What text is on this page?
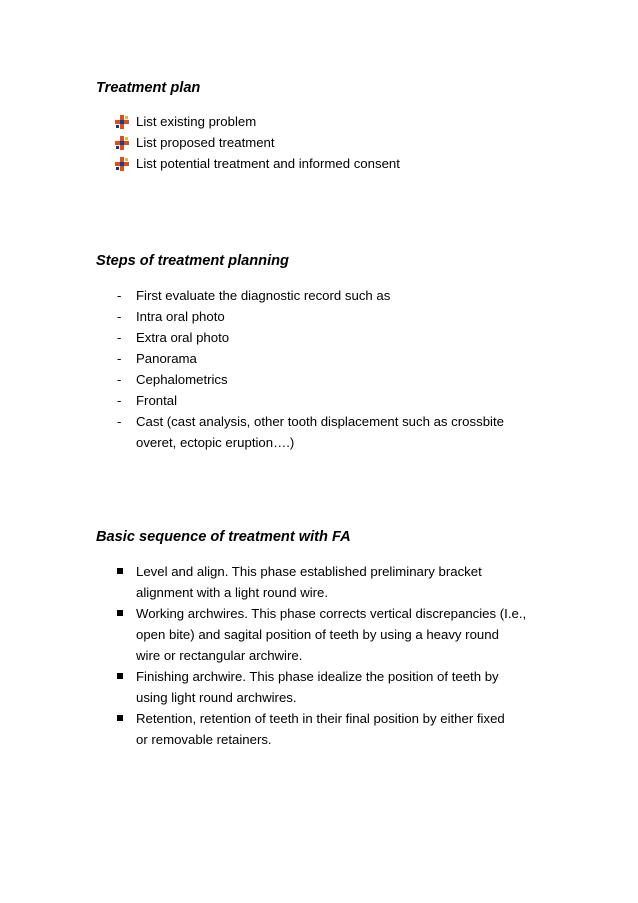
Treatment plan
List existing problem
List proposed treatment
List potential treatment and informed consent
Steps of treatment planning
- First evaluate the diagnostic record such as
- Intra oral photo
- Extra oral photo
- Panorama
- Cephalometrics
- Frontal
- Cast (cast analysis, other tooth displacement such as crossbite
overet, ectopic eruption….)
Basic sequence of treatment with FA
Level and align. This phase established preliminary bracket
alignment with a light round wire.
Working archwires. This phase corrects vertical discrepancies (I.e.,
open bite) and sagital position of teeth by using a heavy round
wire or rectangular archwire.
Finishing archwire. This phase idealize the position of teeth by
using light round archwires.
Retention, retention of teeth in their final position by either fixed
or removable retainers.
